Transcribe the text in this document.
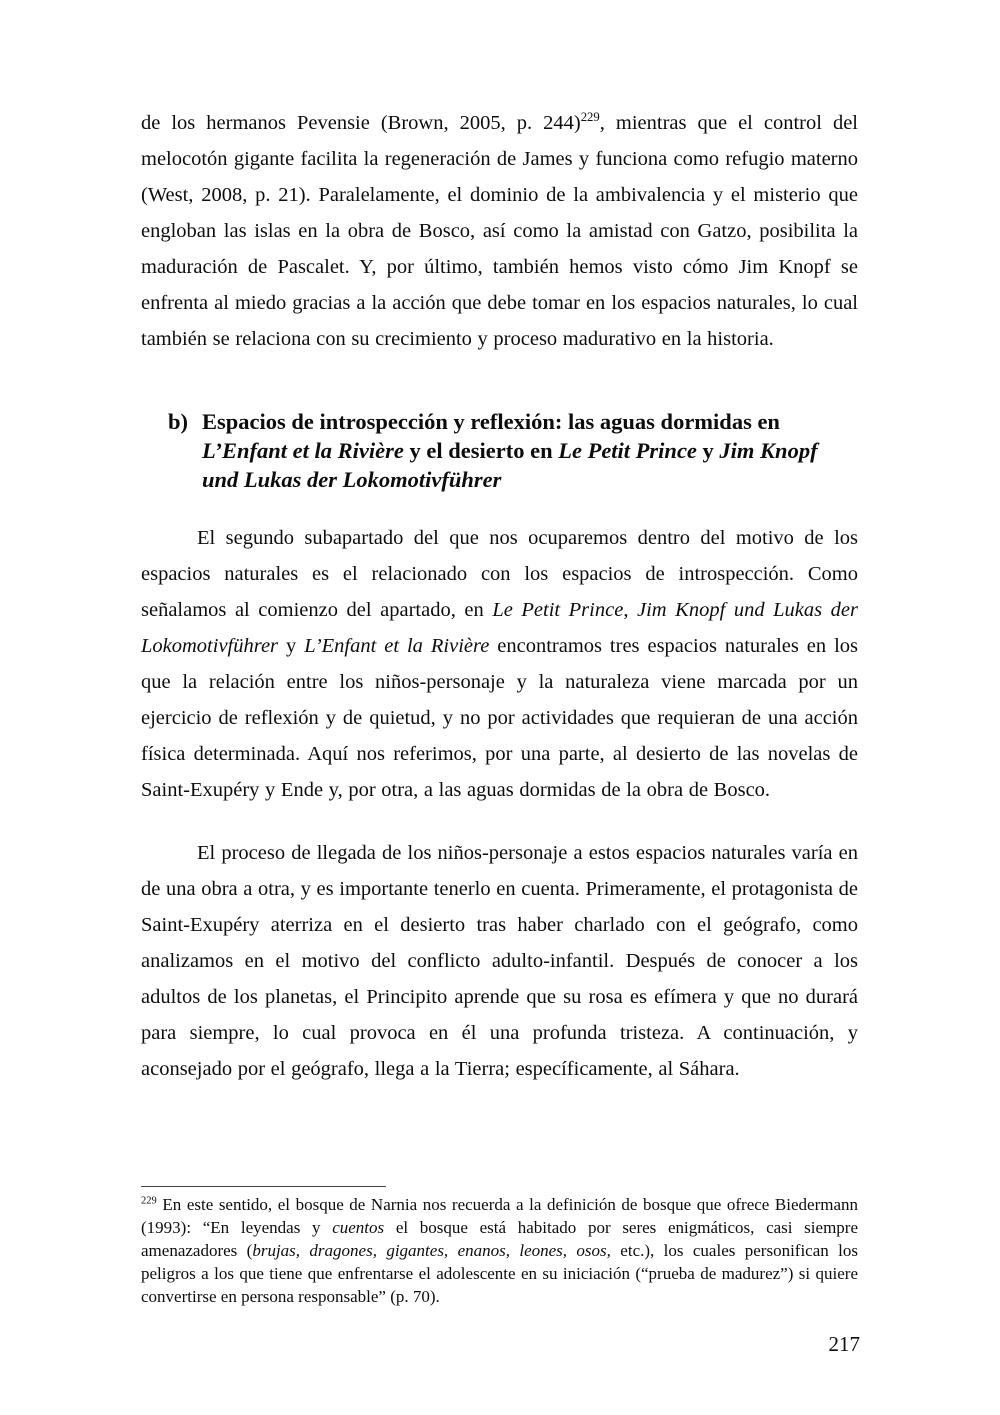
de los hermanos Pevensie (Brown, 2005, p. 244)$^{229}$, mientras que el control del melocotón gigante facilita la regeneración de James y funciona como refugio materno (West, 2008, p. 21). Paralelamente, el dominio de la ambivalencia y el misterio que engloban las islas en la obra de Bosco, así como la amistad con Gatzo, posibilita la maduración de Pascalet. Y, por último, también hemos visto cómo Jim Knopf se enfrenta al miedo gracias a la acción que debe tomar en los espacios naturales, lo cual también se relaciona con su crecimiento y proceso madurativo en la historia.

b) Espacios de introspección y reflexión: las aguas dormidas en
L’Enfant et la Rivière y el desierto en Le Petit Prince y Jim Knopf
und Lukas der Lokomotivführer

El segundo subapartado del que nos ocuparemos dentro del motivo de los espacios naturales es el relacionado con los espacios de introspección. Como señalamos al comienzo del apartado, en Le Petit Prince, Jim Knopf und Lukas der Lokomotivführer y L’Enfant et la Rivière encontramos tres espacios naturales en los que la relación entre los niños-personaje y la naturaleza viene marcada por un ejercicio de reflexión y de quietud, y no por actividades que requieran de una acción física determinada. Aquí nos referimos, por una parte, al desierto de las novelas de Saint-Exupéry y Ende y, por otra, a las aguas dormidas de la obra de Bosco.

El proceso de llegada de los niños-personaje a estos espacios naturales varía en de una obra a otra, y es importante tenerlo en cuenta. Primeramente, el protagonista de Saint-Exupéry aterriza en el desierto tras haber charlado con el geógrafo, como analizamos en el motivo del conflicto adulto-infantil. Después de conocer a los adultos de los planetas, el Principito aprende que su rosa es efímera y que no durará para siempre, lo cual provoca en él una profunda tristeza. A continuación, y aconsejado por el geógrafo, llega a la Tierra; específicamente, al Sáhara.

$^{229}$ En este sentido, el bosque de Narnia nos recuerda a la definición de bosque que ofrece Biedermann (1993): “En leyendas y cuentos el bosque está habitado por seres enigmáticos, casi siempre amenazadores (brujas, dragones, gigantes, enanos, leones, osos, etc.), los cuales personifican los peligros a los que tiene que enfrentarse el adolescente en su iniciación (“prueba de madurez”) si quiere convertirse en persona responsable” (p. 70).

217
